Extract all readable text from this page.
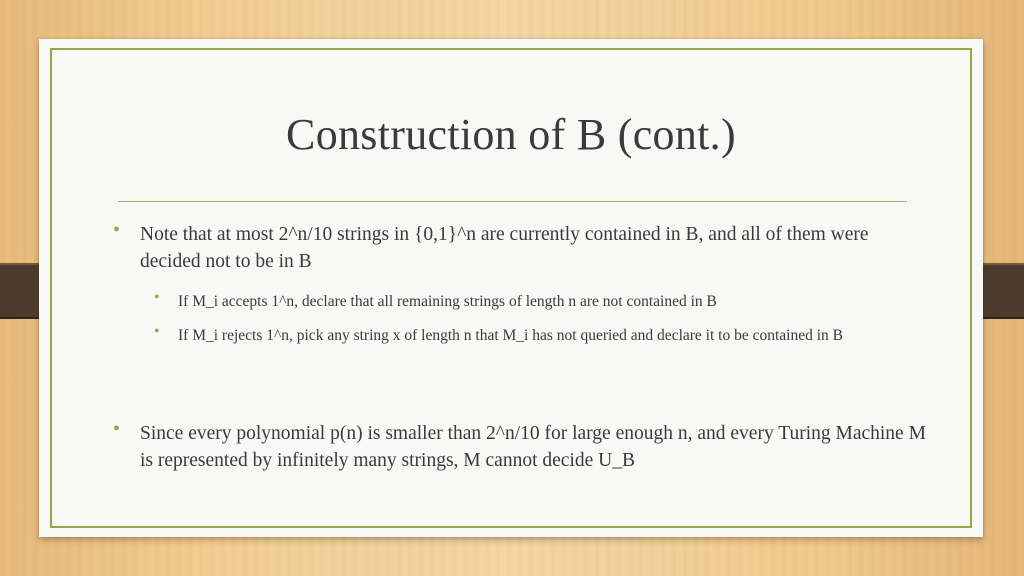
Construction of B (cont.)
• Note that at most 2^n/10 strings in {0,1}^n are currently contained in B, and all of them were decided not to be in B
• If M_i accepts 1^n, declare that all remaining strings of length n are not contained in B
• If M_i rejects 1^n, pick any string x of length n that M_i has not queried and declare it to be contained in B
• Since every polynomial p(n) is smaller than 2^n/10 for large enough n, and every Turing Machine M is represented by infinitely many strings, M cannot decide U_B
